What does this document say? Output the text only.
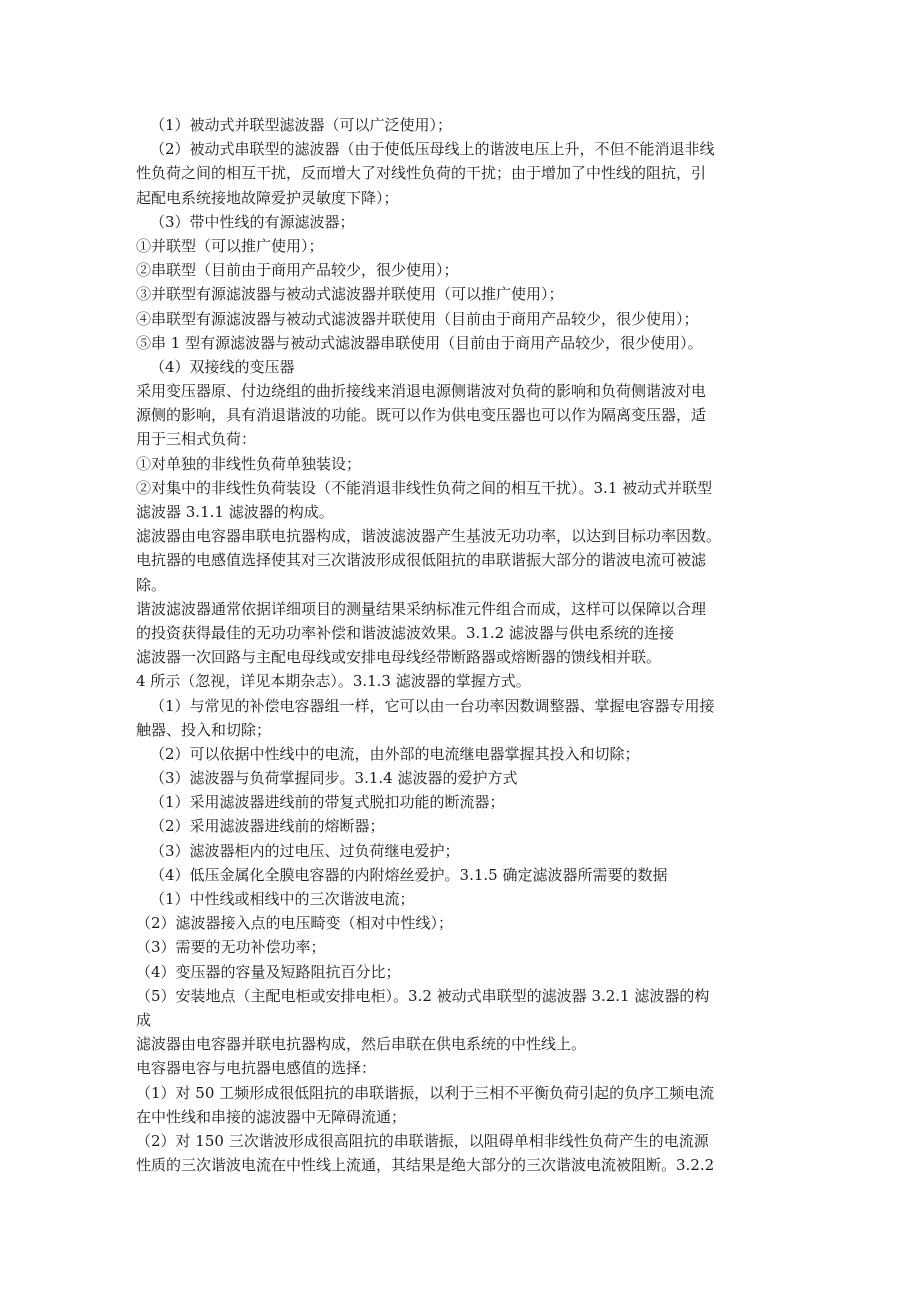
（1）被动式并联型滤波器（可以广泛使用）；
（2）被动式串联型的滤波器（由于使低压母线上的谐波电压上升，不但不能消退非线
性负荷之间的相互干扰，反而增大了对线性负荷的干扰；由于增加了中性线的阻抗，引
起配电系统接地故障爱护灵敏度下降）；
（3）带中性线的有源滤波器；
①并联型（可以推广使用）；
②串联型（目前由于商用产品较少，很少使用）；
③并联型有源滤波器与被动式滤波器并联使用（可以推广使用）；
④串联型有源滤波器与被动式滤波器并联使用（目前由于商用产品较少，很少使用）；
⑤串 1 型有源滤波器与被动式滤波器串联使用（目前由于商用产品较少，很少使用）。
（4）双接线的变压器
采用变压器原、付边绕组的曲折接线来消退电源侧谐波对负荷的影响和负荷侧谐波对电
源侧的影响，具有消退谐波的功能。既可以作为供电变压器也可以作为隔离变压器，适
用于三相式负荷：
①对单独的非线性负荷单独装设；
②对集中的非线性负荷装设（不能消退非线性负荷之间的相互干扰）。3.1 被动式并联型
滤波器 3.1.1 滤波器的构成。
滤波器由电容器串联电抗器构成，谐波滤波器产生基波无功功率，以达到目标功率因数。
电抗器的电感值选择使其对三次谐波形成很低阻抗的串联谐振大部分的谐波电流可被滤
除。
谐波滤波器通常依据详细项目的测量结果采纳标准元件组合而成，这样可以保障以合理
的投资获得最佳的无功功率补偿和谐波滤波效果。3.1.2 滤波器与供电系统的连接
滤波器一次回路与主配电母线或安排电母线经带断路器或熔断器的馈线相并联。
4 所示（忽视，详见本期杂志）。3.1.3 滤波器的掌握方式。
（1）与常见的补偿电容器组一样，它可以由一台功率因数调整器、掌握电容器专用接
触器、投入和切除；
（2）可以依据中性线中的电流，由外部的电流继电器掌握其投入和切除；
（3）滤波器与负荷掌握同步。3.1.4 滤波器的爱护方式
（1）采用滤波器进线前的带复式脱扣功能的断流器；
（2）采用滤波器进线前的熔断器；
（3）滤波器柜内的过电压、过负荷继电爱护；
（4）低压金属化全膜电容器的内附熔丝爱护。3.1.5 确定滤波器所需要的数据
（1）中性线或相线中的三次谐波电流；
（2）滤波器接入点的电压畸变（相对中性线）；
（3）需要的无功补偿功率；
（4）变压器的容量及短路阻抗百分比；
（5）安装地点（主配电柜或安排电柜）。3.2 被动式串联型的滤波器 3.2.1 滤波器的构
成
滤波器由电容器并联电抗器构成，然后串联在供电系统的中性线上。
电容器电容与电抗器电感值的选择：
（1）对 50 工频形成很低阻抗的串联谐振，以利于三相不平衡负荷引起的负序工频电流
在中性线和串接的滤波器中无障碍流通；
（2）对 150 三次谐波形成很高阻抗的串联谐振，以阻碍单相非线性负荷产生的电流源
性质的三次谐波电流在中性线上流通，其结果是绝大部分的三次谐波电流被阻断。3.2.2
